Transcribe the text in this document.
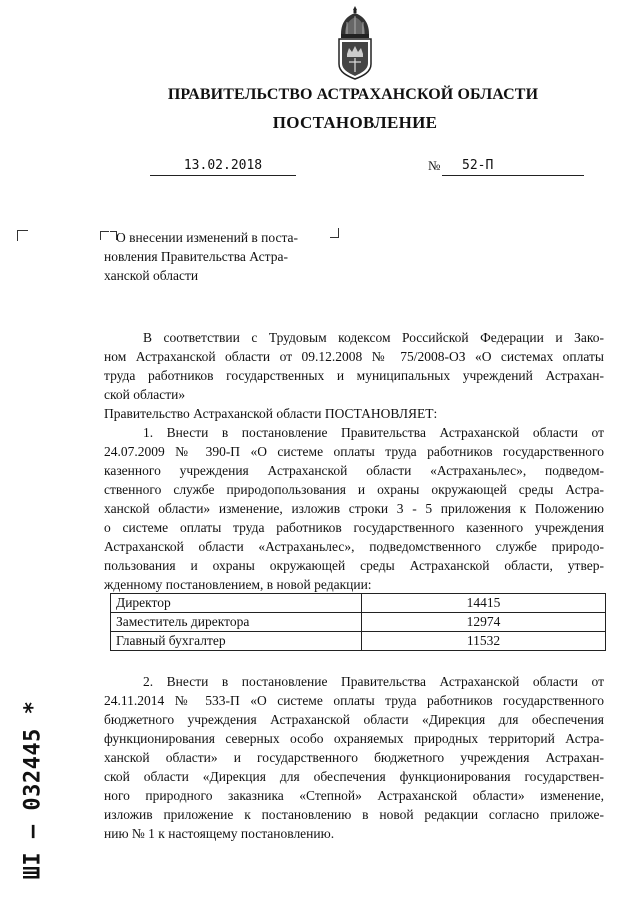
ПРАВИТЕЛЬСТВО АСТРАХАНСКОЙ ОБЛАСТИ
ПОСТАНОВЛЕНИЕ
13.02.2018	№	52-П
О внесении изменений в поста-
новления Правительства Астра-
ханской области
В соответствии с Трудовым кодексом Российской Федерации и Зако-
ном Астраханской области от 09.12.2008 № 75/2008-ОЗ «О системах оплаты
труда работников государственных и муниципальных учреждений Астрахан-
ской области»
Правительство Астраханской области ПОСТАНОВЛЯЕТ:
1. Внести в постановление Правительства Астраханской области от
24.07.2009 № 390-П «О системе оплаты труда работников государственного
казенного учреждения Астраханской области «Астраханьлес», подведом-
ственного службе природопользования и охраны окружающей среды Астра-
ханской области» изменение, изложив строки 3 - 5 приложения к Положению
о системе оплаты труда работников государственного казенного учреждения
Астраханской области «Астраханьлес», подведомственного службе природо-
пользования и охраны окружающей среды Астраханской области, утвер-
жденному постановлением, в новой редакции:
Директор	14415
Заместитель директора	12974
Главный бухгалтер	11532
2. Внести в постановление Правительства Астраханской области от
24.11.2014 № 533-П «О системе оплаты труда работников государственного
бюджетного учреждения Астраханской области «Дирекция для обеспечения
функционирования северных особо охраняемых природных территорий Астра-
ханской области» и государственного бюджетного учреждения Астрахан-
ской области «Дирекция для обеспечения функционирования государствен-
ного природного заказника «Степной» Астраханской области» изменение,
изложив приложение к постановлению в новой редакции согласно приложе-
нию № 1 к настоящему постановлению.
ШI – 032445 *
